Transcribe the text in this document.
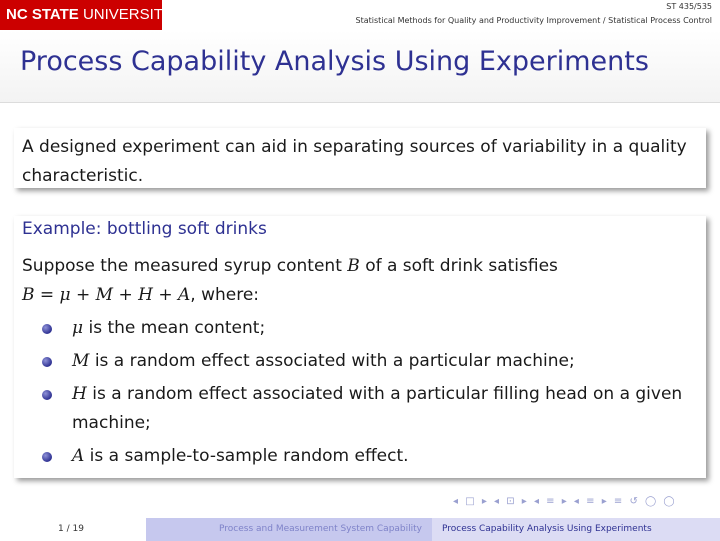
NC STATE UNIVERSITY	ST 435/535
Statistical Methods for Quality and Productivity Improvement / Statistical Process Control
Process Capability Analysis Using Experiments

A designed experiment can aid in separating sources of variability in a quality characteristic.

Example: bottling soft drinks

Suppose the measured syrup content B of a soft drink satisfies
B = μ + M + H + A, where:

μ is the mean content;
M is a random effect associated with a particular machine;
H is a random effect associated with a particular filling head on a given machine;
A is a sample-to-sample random effect.
◂ □ ▸ ◂ ⊡ ▸ ◂ ≡ ▸ ◂ ≡ ▸ ≡ ↺ ◯ ◯
1 / 19	Process and Measurement System Capability	Process Capability Analysis Using Experiments
